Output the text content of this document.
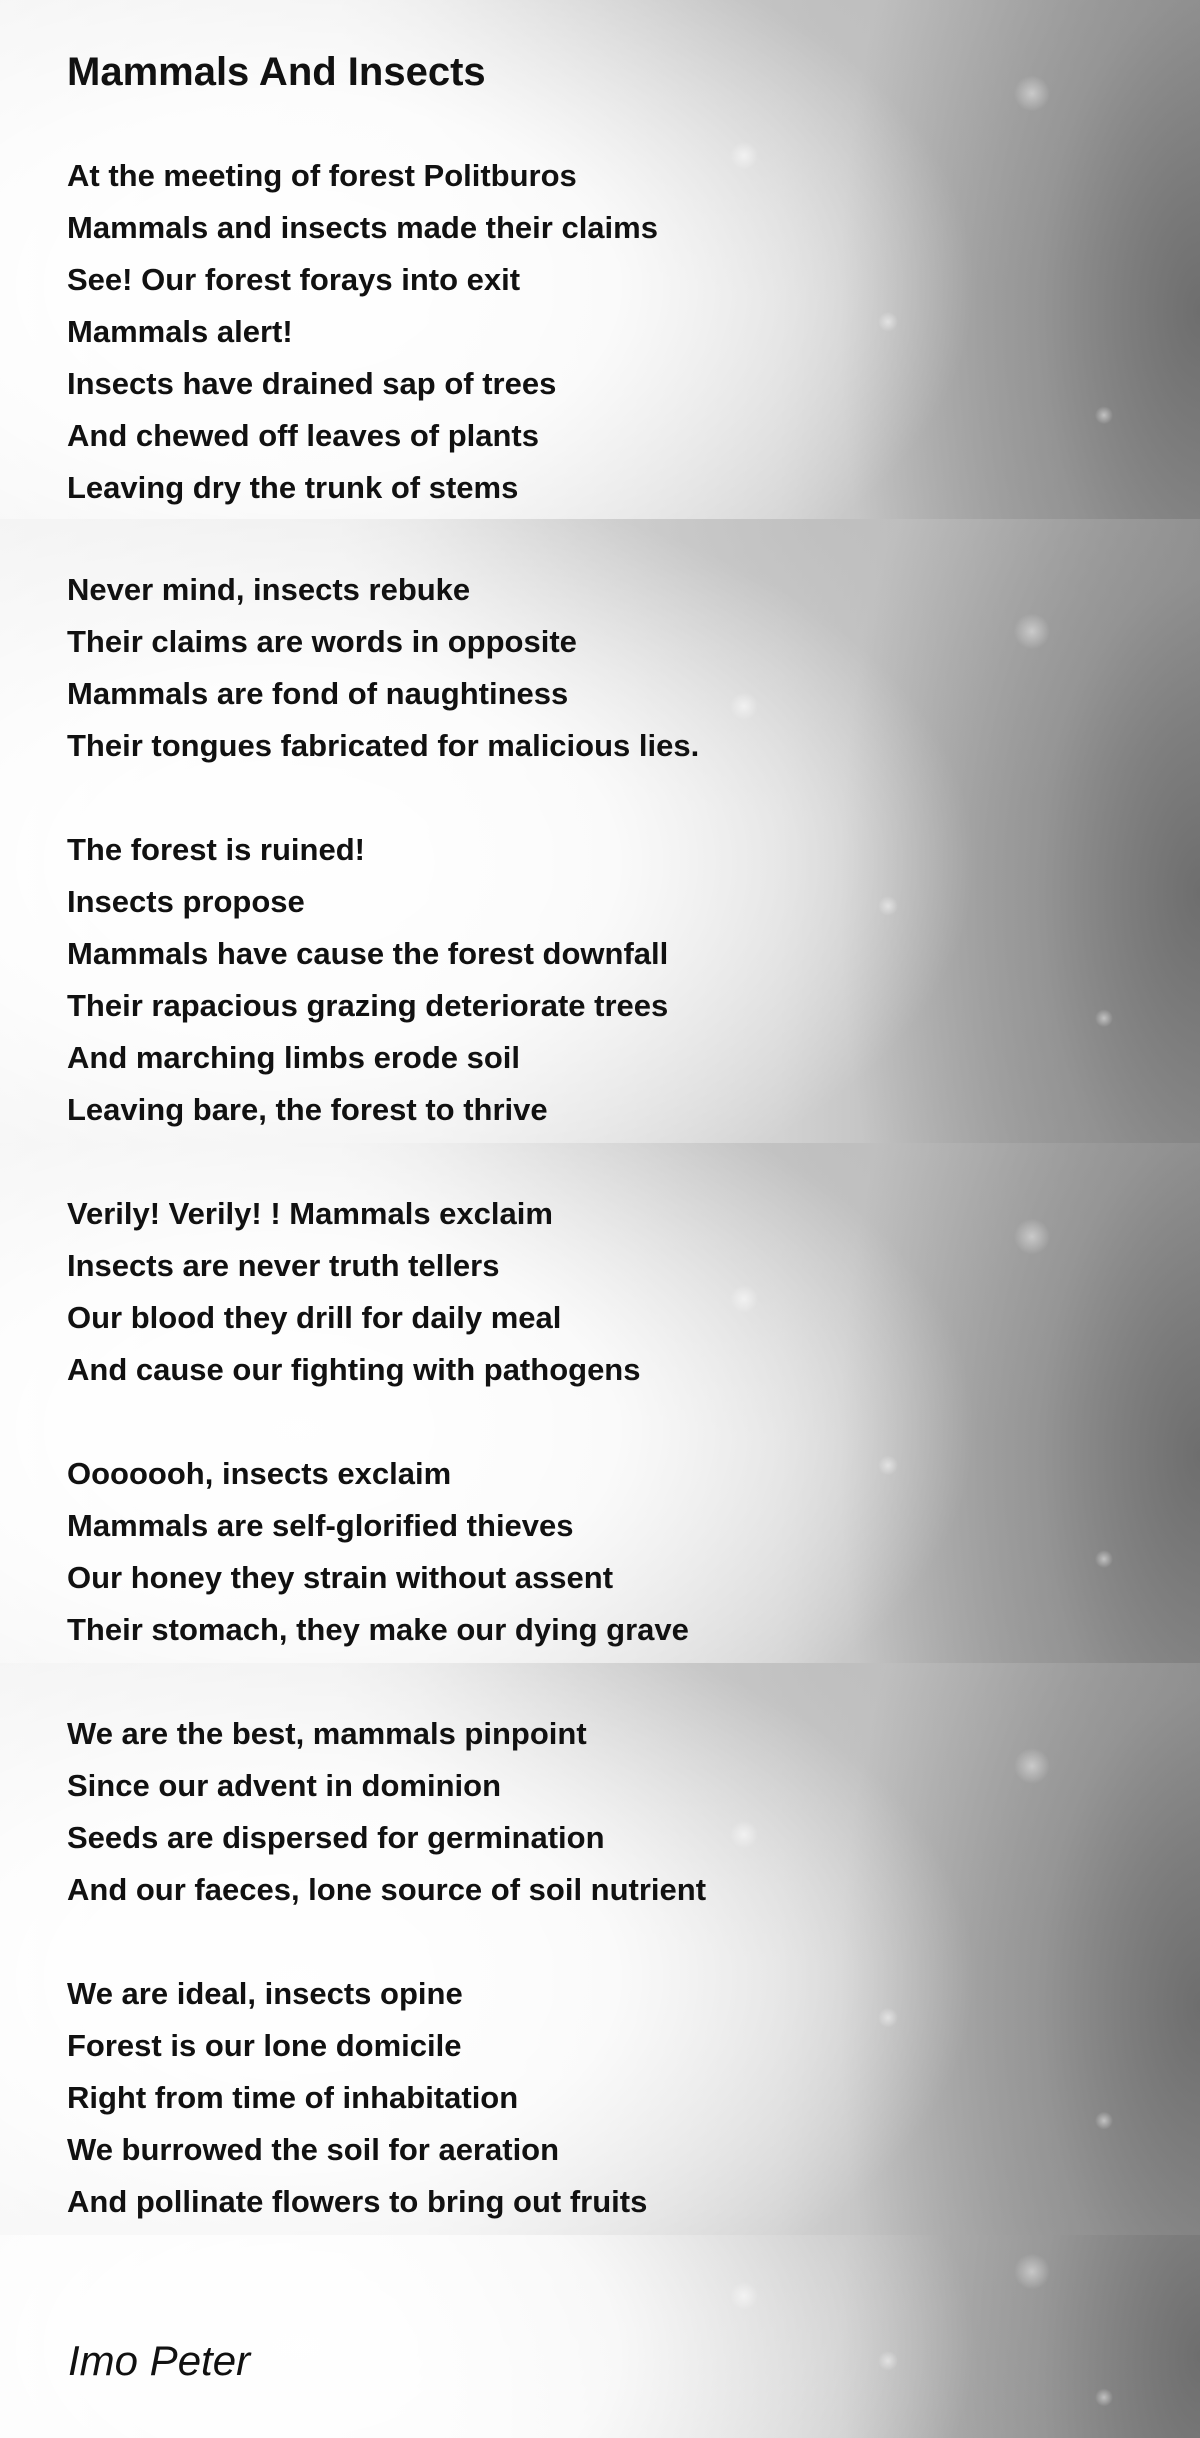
Mammals And Insects
At the meeting of forest Politburos
Mammals and insects made their claims
See! Our forest forays into exit
Mammals alert!
Insects have drained sap of trees
And chewed off leaves of plants
Leaving dry the trunk of stems
Never mind, insects rebuke
Their claims are words in opposite
Mammals are fond of naughtiness
Their tongues fabricated for malicious lies.
The forest is ruined!
Insects propose
Mammals have cause the forest downfall
Their rapacious grazing deteriorate trees
And marching limbs erode soil
Leaving bare, the forest to thrive
Verily! Verily! ! Mammals exclaim
Insects are never truth tellers
Our blood they drill for daily meal
And cause our fighting with pathogens
Ooooooh, insects exclaim
Mammals are self-glorified thieves
Our honey they strain without assent
Their stomach, they make our dying grave
We are the best, mammals pinpoint
Since our advent in dominion
Seeds are dispersed for germination
And our faeces, lone source of soil nutrient
We are ideal, insects opine
Forest is our lone domicile
Right from time of inhabitation
We burrowed the soil for aeration
And pollinate flowers to bring out fruits
Imo Peter
